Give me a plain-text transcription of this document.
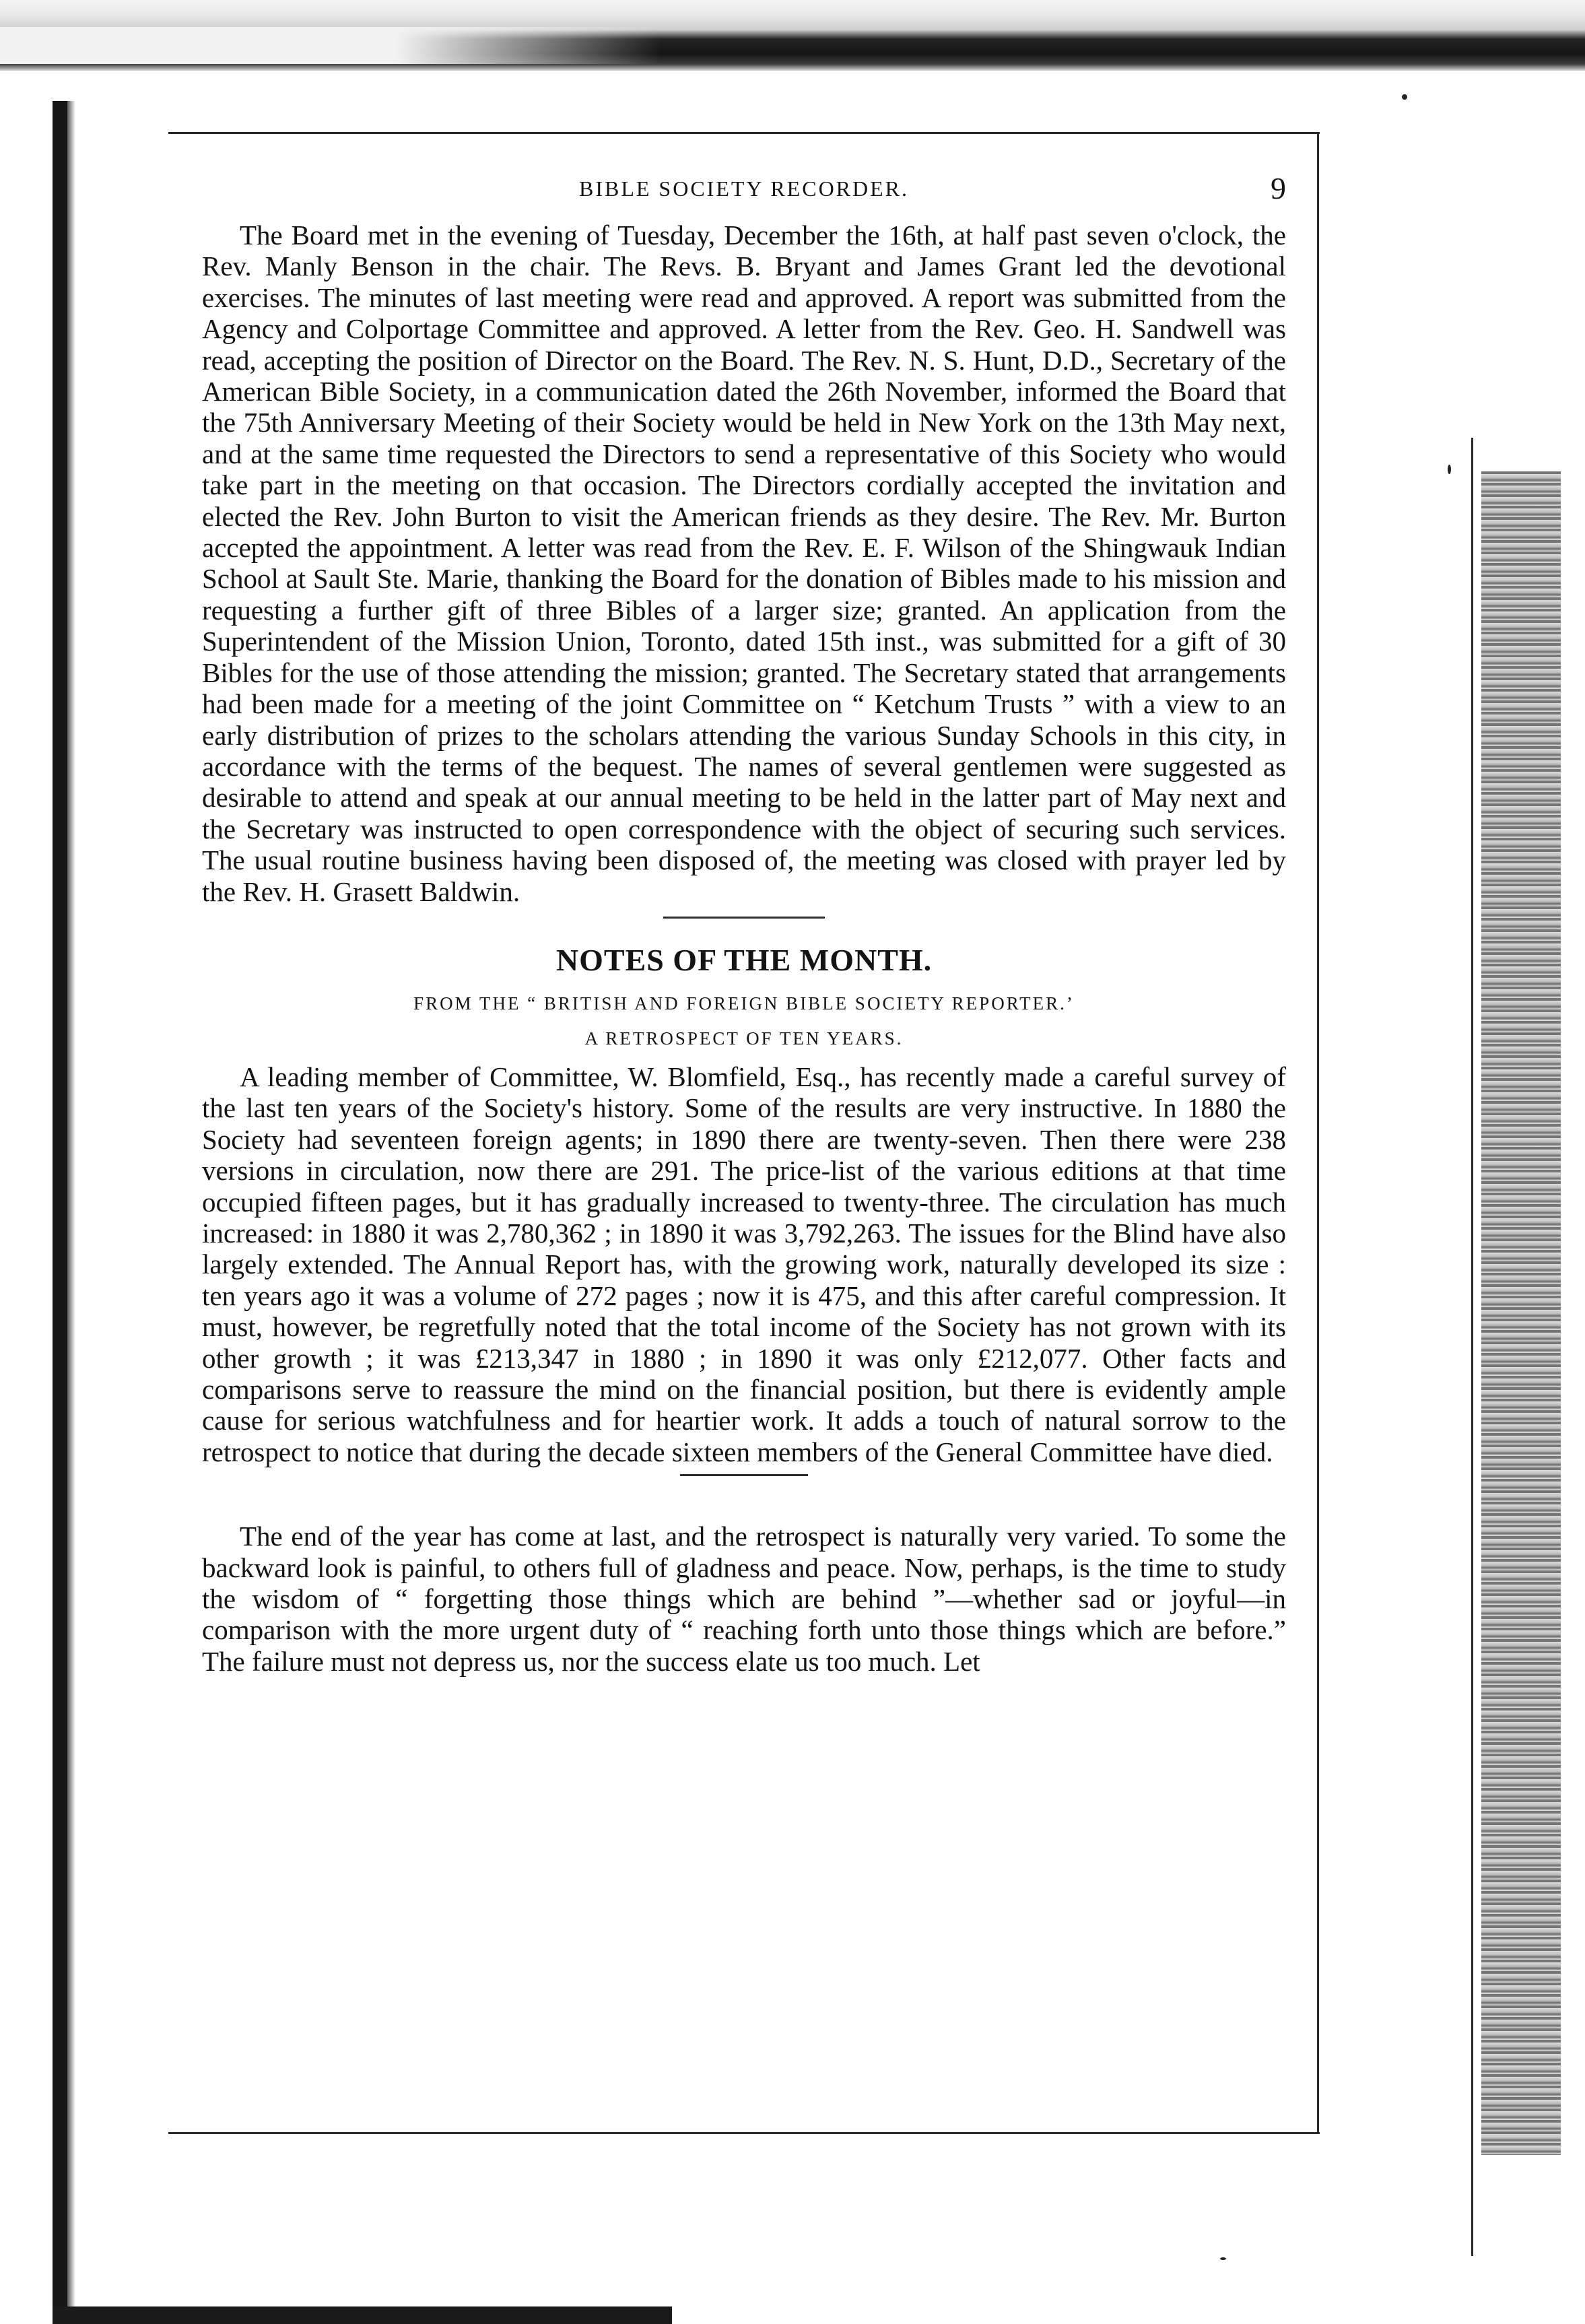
BIBLE SOCIETY RECORDER.	9

The Board met in the evening of Tuesday, December the 16th, at half past seven o'clock, the Rev. Manly Benson in the chair. The Revs. B. Bryant and James Grant led the devotional exercises. The minutes of last meeting were read and approved. A report was submitted from the Agency and Colportage Committee and approved. A letter from the Rev. Geo. H. Sandwell was read, accepting the position of Director on the Board. The Rev. N. S. Hunt, D.D., Secretary of the American Bible Society, in a communication dated the 26th November, informed the Board that the 75th Anniversary Meeting of their Society would be held in New York on the 13th May next, and at the same time requested the Directors to send a representative of this Society who would take part in the meeting on that occasion. The Directors cordially accepted the invitation and elected the Rev. John Burton to visit the American friends as they desire. The Rev. Mr. Burton accepted the appointment. A letter was read from the Rev. E. F. Wilson of the Shingwauk Indian School at Sault Ste. Marie, thanking the Board for the donation of Bibles made to his mission and requesting a further gift of three Bibles of a larger size; granted. An application from the Superintendent of the Mission Union, Toronto, dated 15th inst., was submitted for a gift of 30 Bibles for the use of those attending the mission; granted. The Secretary stated that arrangements had been made for a meeting of the joint Committee on “ Ketchum Trusts ” with a view to an early distribution of prizes to the scholars attending the various Sunday Schools in this city, in accordance with the terms of the bequest. The names of several gentlemen were suggested as desirable to attend and speak at our annual meeting to be held in the latter part of May next and the Secretary was instructed to open correspondence with the object of securing such services. The usual routine business having been disposed of, the meeting was closed with prayer led by the Rev. H. Grasett Baldwin.

NOTES OF THE MONTH.
FROM THE “ BRITISH AND FOREIGN BIBLE SOCIETY REPORTER.’
A RETROSPECT OF TEN YEARS.

A leading member of Committee, W. Blomfield, Esq., has recently made a careful survey of the last ten years of the Society's history. Some of the results are very instructive. In 1880 the Society had seventeen foreign agents; in 1890 there are twenty-seven. Then there were 238 versions in circulation, now there are 291. The price-list of the various editions at that time occupied fifteen pages, but it has gradually increased to twenty-three. The circulation has much increased: in 1880 it was 2,780,362 ; in 1890 it was 3,792,263. The issues for the Blind have also largely extended. The Annual Report has, with the growing work, naturally developed its size : ten years ago it was a volume of 272 pages ; now it is 475, and this after careful compression. It must, however, be regretfully noted that the total income of the Society has not grown with its other growth ; it was £213,347 in 1880 ; in 1890 it was only £212,077. Other facts and comparisons serve to reassure the mind on the financial position, but there is evidently ample cause for serious watchfulness and for heartier work. It adds a touch of natural sorrow to the retrospect to notice that during the decade sixteen members of the General Committee have died.

The end of the year has come at last, and the retrospect is naturally very varied. To some the backward look is painful, to others full of gladness and peace. Now, perhaps, is the time to study the wisdom of “ forgetting those things which are behind ”—whether sad or joyful—in comparison with the more urgent duty of “ reaching forth unto those things which are before.” The failure must not depress us, nor the success elate us too much. Let
